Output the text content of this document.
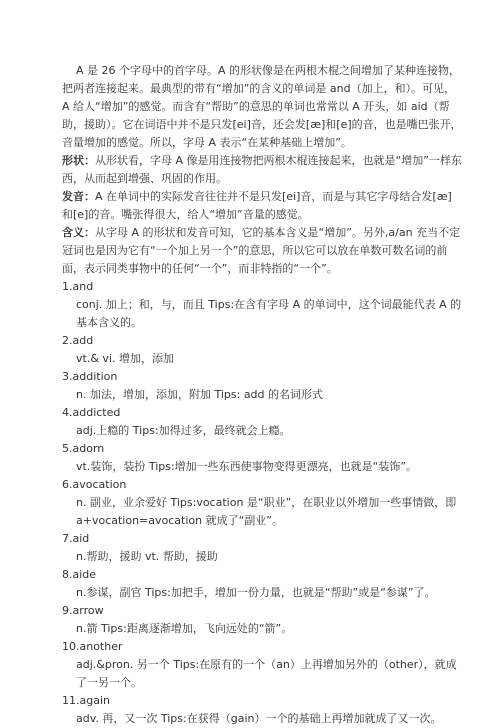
A 是 26 个字母中的首字母。A 的形状像是在两根木棍之间增加了某种连接物，把两者连接起来。最典型的带有“增加”的含义的单词是 and（加上，和）。可见，A 给人“增加”的感觉。而含有“帮助”的意思的单词也常常以 A 开头，如 aid（帮助，援助）。它在词语中并不是只发[ei]音，还会发[æ]和[e]的音，也是嘴巴张开，音量增加的感觉。所以，字母 A 表示“在某种基础上增加”。

形状：从形状看，字母 A 像是用连接物把两根木棍连接起来，也就是“增加”一样东西，从而起到增强、巩固的作用。

发音：A 在单词中的实际发音往往并不是只发[ei]音，而是与其它字母结合发[æ]和[e]的音。嘴张得很大，给人“增加”音量的感觉。

含义：从字母 A 的形状和发音可知，它的基本含义是“增加”。另外,a/an 充当不定冠词也是因为它有“一个加上另一个”的意思，所以它可以放在单数可数名词的前面，表示同类事物中的任何“一个”，而非特指的“一个”。

1.and

conj. 加上；和，与，而且 Tips:在含有字母 A 的单词中，这个词最能代表 A 的基本含义的。

2.add

vt.& vi. 增加，添加

3.addition

n. 加法，增加，添加，附加 Tips: add 的名词形式

4.addicted

adj.上瘾的 Tips:加得过多，最终就会上瘾。

5.adorn

vt.装饰，装扮 Tips:增加一些东西使事物变得更漂亮，也就是“装饰”。

6.avocation

n. 副业，业余爱好 Tips:vocation 是“职业”，在职业以外增加一些事情做，即 a+vocation=avocation 就成了“副业”。

7.aid

n.帮助，援助 vt. 帮助，援助

8.aide

n.参谋，副官 Tips:加把手，增加一份力量，也就是“帮助”或是“参谋”了。

9.arrow

n.箭 Tips:距离逐渐增加，飞向远处的“箭”。

10.another

adj.&pron. 另一个 Tips:在原有的一个（an）上再增加另外的（other），就成了一另一个。

11.again

adv. 再，又一次 Tips:在获得（gain）一个的基础上再增加就成了又一次。
